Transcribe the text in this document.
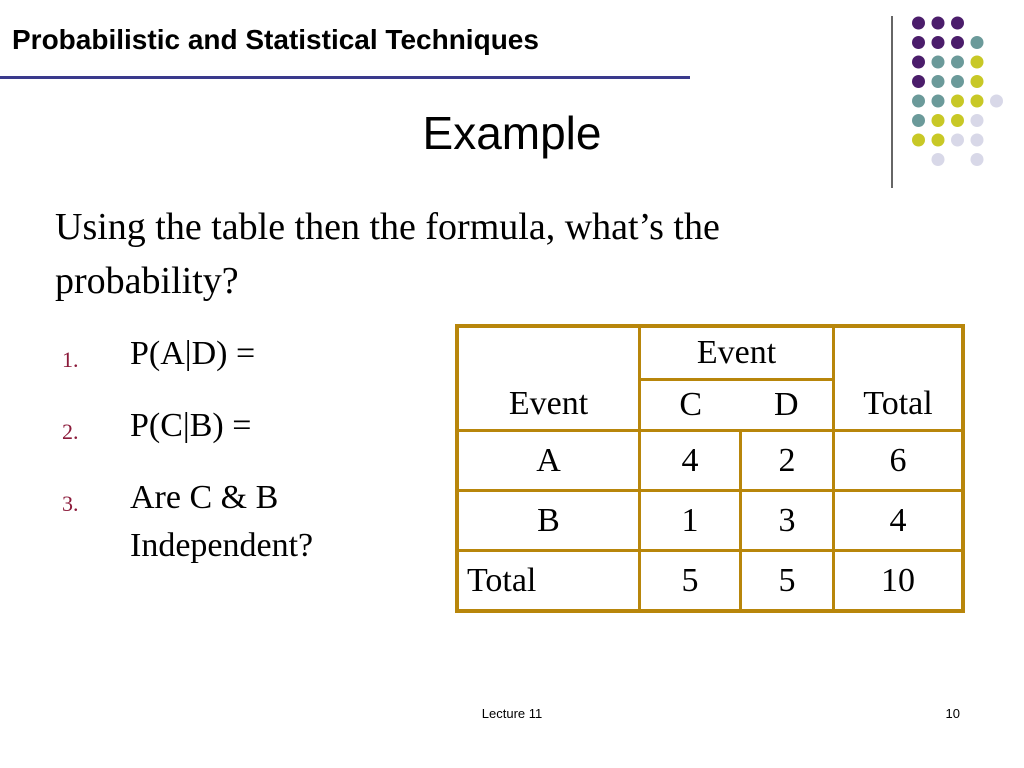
Probabilistic and Statistical Techniques
Example
Using the table then the formula, what’s the probability?
1. P(A|D) =
2. P(C|B) =
3. Are C & B Independent?
	Event		
Event	C	D	Total
A	4	2	6
B	1	3	4
Total	5	5	10
Lecture 11	10
